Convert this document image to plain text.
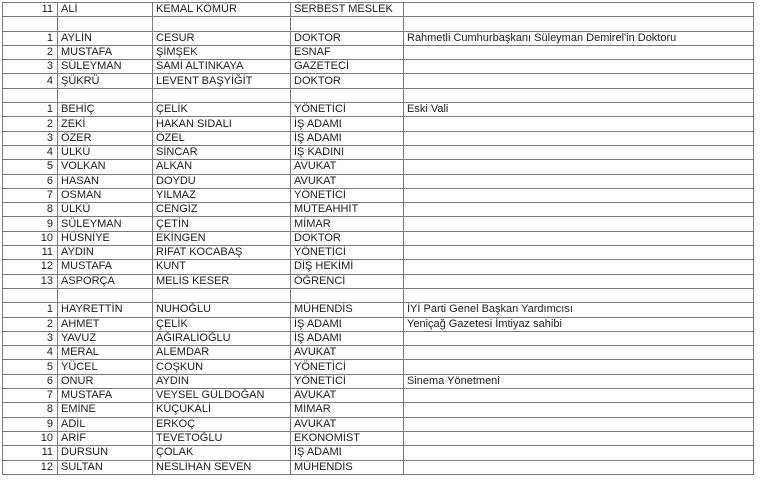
11	ALİ	KEMAL KÖMÜR	SERBEST MESLEK	

1	AYLİN	CESUR	DOKTOR	Rahmetli Cumhurbaşkanı Süleyman Demirel'in Doktoru
2	MUSTAFA	ŞİMŞEK	ESNAF	
3	SÜLEYMAN	SAMİ ALTINKAYA	GAZETECİ	
4	ŞÜKRÜ	LEVENT BAŞYİĞİT	DOKTOR	

1	BEHİÇ	ÇELİK	YÖNETİCİ	Eski Vali
2	ZEKİ	HAKAN SIDALI	İŞ ADAMI	
3	ÖZER	ÖZEL	İŞ ADAMI	
4	ÜLKÜ	SİNCAR	İŞ KADINI	
5	VOLKAN	ALKAN	AVUKAT	
6	HASAN	DOYDU	AVUKAT	
7	OSMAN	YILMAZ	YÖNETİCİ	
8	ÜLKÜ	CENGİZ	MÜTEAHHİT	
9	SÜLEYMAN	ÇETİN	MİMAR	
10	HÜSNİYE	EKİNGEN	DOKTOR	
11	AYDIN	RIFAT KOCABAŞ	YÖNETİCİ	
12	MUSTAFA	KUNT	DİŞ HEKİMİ	
13	ASPORÇA	MELİS KESER	ÖĞRENCİ	

1	HAYRETTİN	NUHOĞLU	MÜHENDİS	İYİ Parti Genel Başkan Yardımcısı
2	AHMET	ÇELİK	İŞ ADAMI	Yeniçağ Gazetesi İmtiyaz sahibi
3	YAVUZ	AĞIRALİOĞLU	İŞ ADAMI	
4	MERAL	ALEMDAR	AVUKAT	
5	YÜCEL	COŞKUN	YÖNETİCİ	
6	ONUR	AYDIN	YÖNETİCİ	Sinema Yönetmeni
7	MUSTAFA	VEYSEL GÜLDOĞAN	AVUKAT	
8	EMİNE	KÜÇÜKALİ	MİMAR	
9	ADİL	ERKOÇ	AVUKAT	
10	ARİF	TEVETOĞLU	EKONOMİST	
11	DURSUN	ÇOLAK	İŞ ADAMI	
12	SULTAN	NESLİHAN SEVEN	MÜHENDİS	
